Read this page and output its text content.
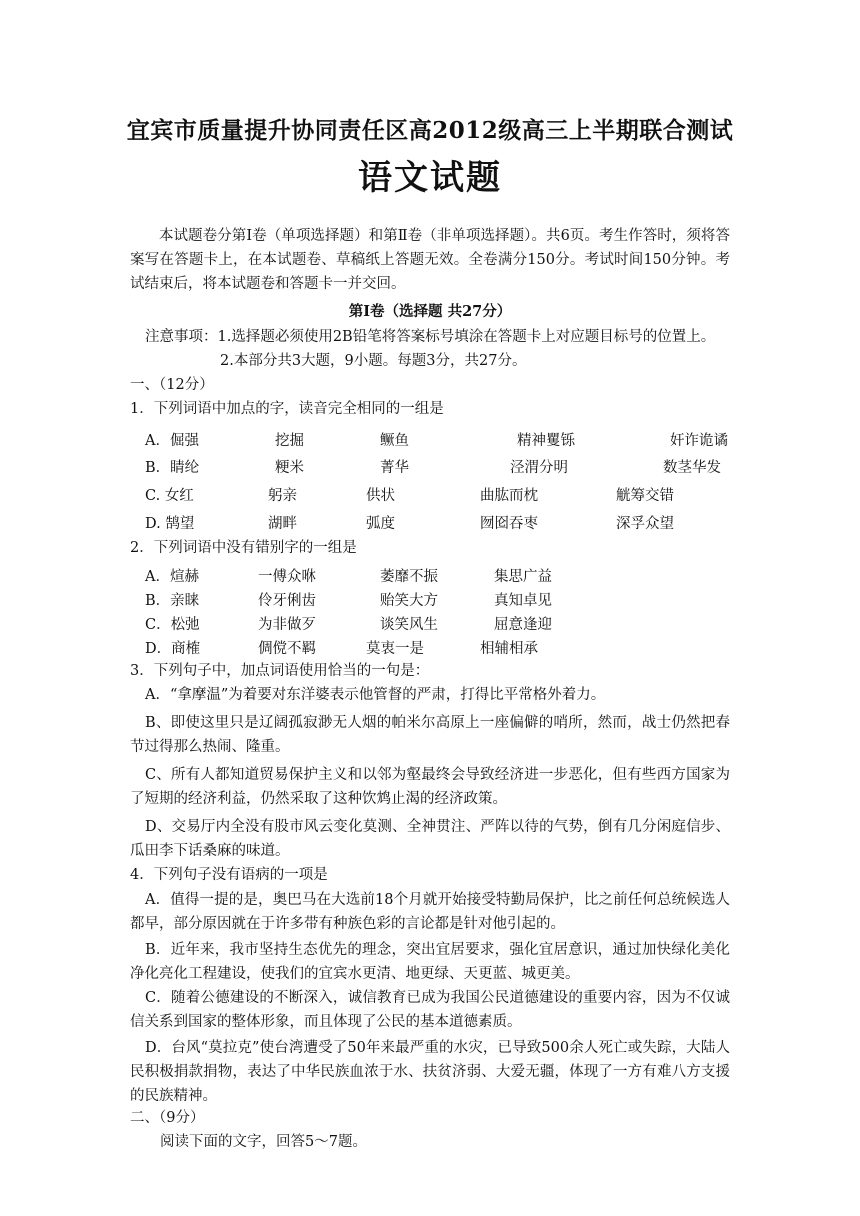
宜宾市质量提升协同责任区高2012级高三上半期联合测试
语文试题
本试题卷分第Ⅰ卷（单项选择题）和第Ⅱ卷（非单项选择题）。共6页。考生作答时，须将答案写在答题卡上，在本试题卷、草稿纸上答题无效。全卷满分150分。考试时间150分钟。考试结束后，将本试题卷和答题卡一并交回。
第Ⅰ卷（选择题 共27分）
注意事项：1.选择题必须使用2B铅笔将答案标号填涂在答题卡上对应题目标号的位置上。
2.本部分共3大题，9小题。每题3分，共27分。
一、（12分）
1．下列词语中加点的字，读音完全相同的一组是
A．倔强	挖掘	鳜鱼	精神矍铄	奸诈诡谲
B．睛纶	粳米	菁华	泾渭分明	数茎华发
C. 女红	躬亲	供状	曲肱而枕	觥筹交错
D. 鹄望	湖畔	弧度	囫囵吞枣	深孚众望
2．下列词语中没有错别字的一组是
A．煊赫	一傅众咻	萎靡不振	集思广益
B．亲睐	伶牙俐齿	贻笑大方	真知卓见
C．松弛	为非做歹	谈笑风生	屈意逢迎
D．商榷	倜傥不羁	莫衷一是	相辅相承
3．下列句子中，加点词语使用恰当的一句是：
A．“拿摩温”为着要对东洋婆表示他管督的严肃，打得比平常格外着力。
B、即使这里只是辽阔孤寂渺无人烟的帕米尔高原上一座偏僻的哨所，然而，战士仍然把春节过得那么热闹、隆重。
C、所有人都知道贸易保护主义和以邻为壑最终会导致经济进一步恶化，但有些西方国家为了短期的经济利益，仍然采取了这种饮鸩止渴的经济政策。
D、交易厅内全没有股市风云变化莫测、全神贯注、严阵以待的气势，倒有几分闲庭信步、瓜田李下话桑麻的味道。
4．下列句子没有语病的一项是
A．值得一提的是，奥巴马在大选前18个月就开始接受特勤局保护，比之前任何总统候选人都早，部分原因就在于许多带有种族色彩的言论都是针对他引起的。
B．近年来，我市坚持生态优先的理念，突出宜居要求，强化宜居意识，通过加快绿化美化净化亮化工程建设，使我们的宜宾水更清、地更绿、天更蓝、城更美。
C．随着公德建设的不断深入，诚信教育已成为我国公民道德建设的重要内容，因为不仅诚信关系到国家的整体形象，而且体现了公民的基本道德素质。
D．台风“莫拉克”使台湾遭受了50年来最严重的水灾，已导致500余人死亡或失踪，大陆人民积极捐款捐物，表达了中华民族血浓于水、扶贫济弱、大爱无疆，体现了一方有难八方支援的民族精神。
二、（9分）
阅读下面的文字，回答5～7题。
